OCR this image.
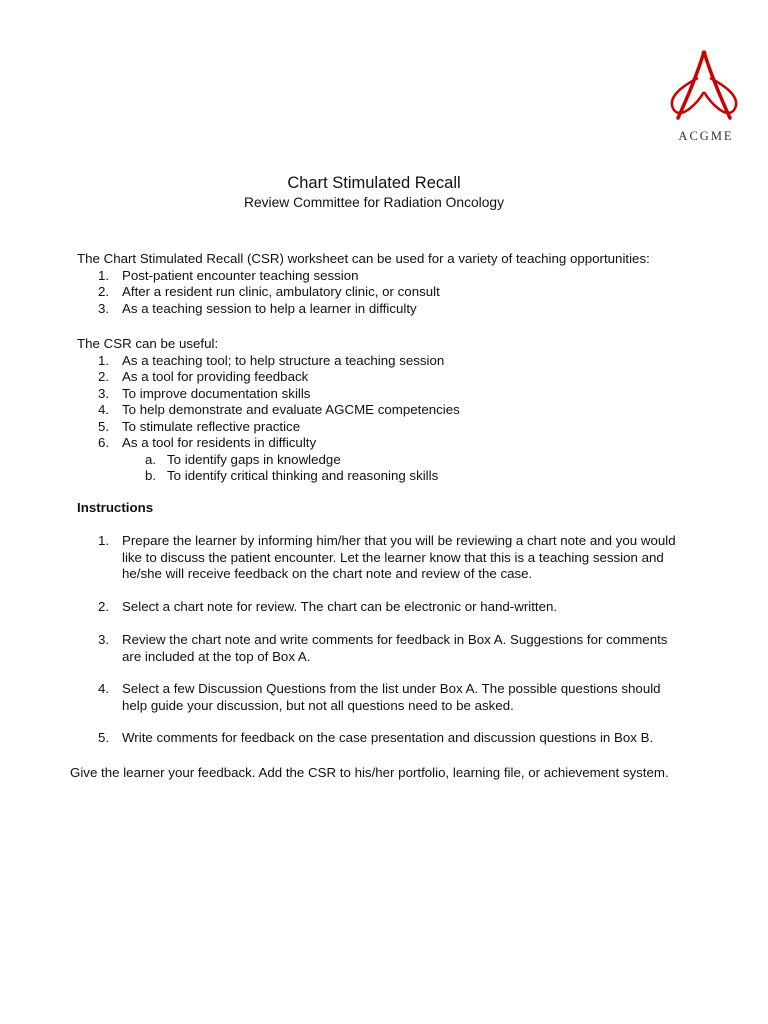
ACGME
Chart Stimulated Recall
Review Committee for Radiation Oncology
The Chart Stimulated Recall (CSR) worksheet can be used for a variety of teaching opportunities:
1. Post-patient encounter teaching session
2. After a resident run clinic, ambulatory clinic, or consult
3. As a teaching session to help a learner in difficulty
The CSR can be useful:
1. As a teaching tool; to help structure a teaching session
2. As a tool for providing feedback
3. To improve documentation skills
4. To help demonstrate and evaluate AGCME competencies
5. To stimulate reflective practice
6. As a tool for residents in difficulty
a. To identify gaps in knowledge
b. To identify critical thinking and reasoning skills
Instructions
1. Prepare the learner by informing him/her that you will be reviewing a chart note and you would like to discuss the patient encounter. Let the learner know that this is a teaching session and he/she will receive feedback on the chart note and review of the case.
2. Select a chart note for review. The chart can be electronic or hand-written.
3. Review the chart note and write comments for feedback in Box A. Suggestions for comments are included at the top of Box A.
4. Select a few Discussion Questions from the list under Box A. The possible questions should help guide your discussion, but not all questions need to be asked.
5. Write comments for feedback on the case presentation and discussion questions in Box B.
Give the learner your feedback. Add the CSR to his/her portfolio, learning file, or achievement system.
